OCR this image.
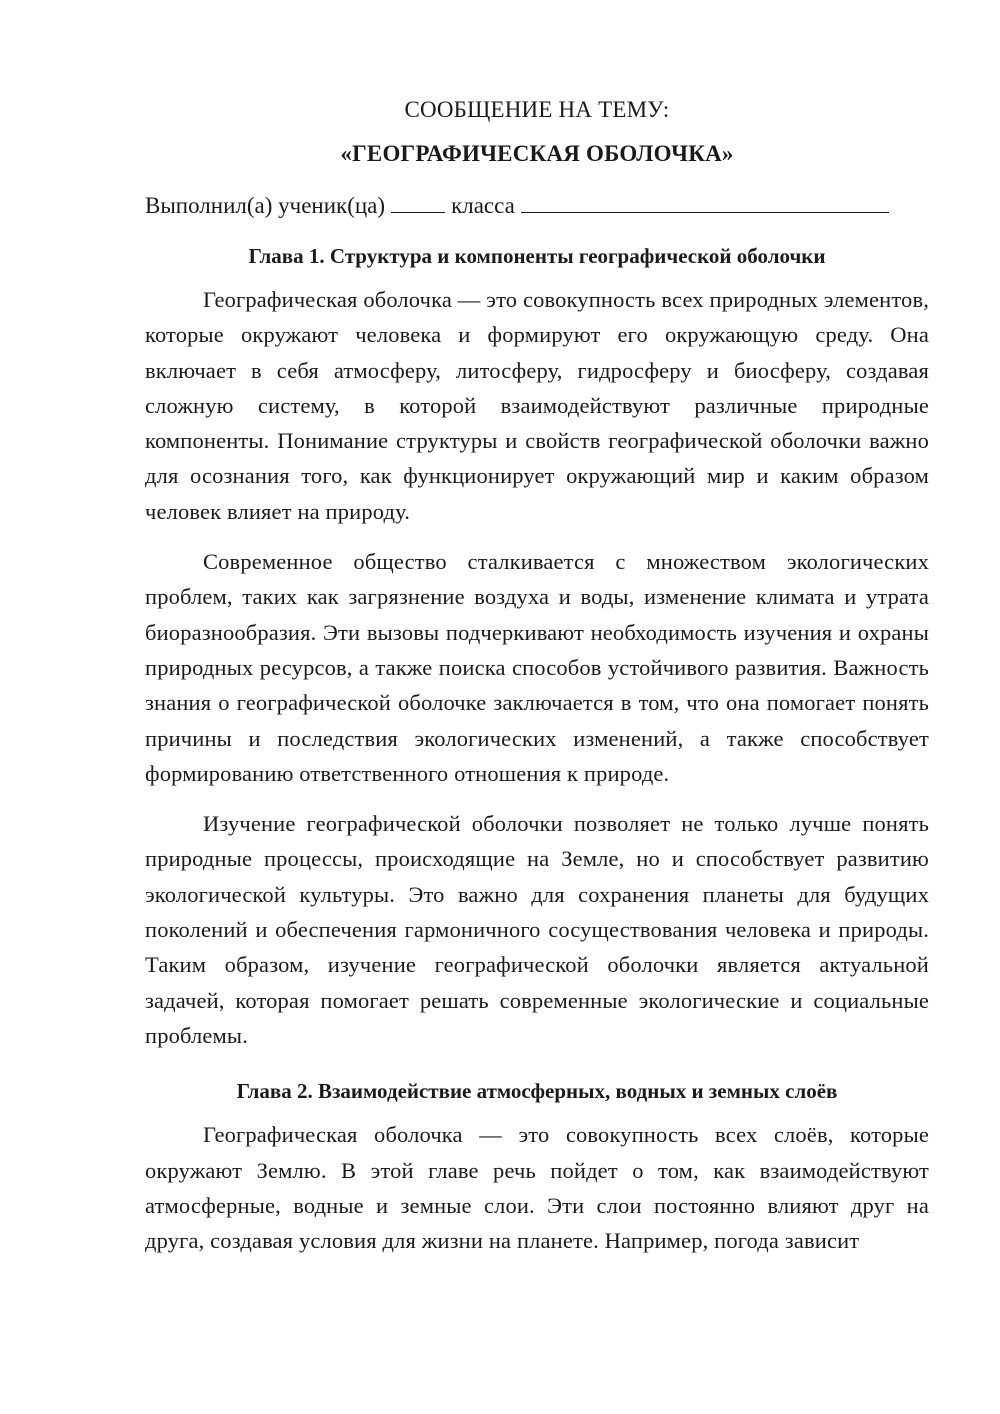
СООБЩЕНИЕ НА ТЕМУ:

«ГЕОГРАФИЧЕСКАЯ ОБОЛОЧКА»

Выполнил(а) ученик(ца)	класса

Глава 1. Структура и компоненты географической оболочки

Географическая оболочка — это совокупность всех природных элементов, которые окружают человека и формируют его окружающую среду. Она включает в себя атмосферу, литосферу, гидросферу и биосферу, создавая сложную систему, в которой взаимодействуют различные природные компоненты. Понимание структуры и свойств географической оболочки важно для осознания того, как функционирует окружающий мир и каким образом человек влияет на природу.

Современное общество сталкивается с множеством экологических проблем, таких как загрязнение воздуха и воды, изменение климата и утрата биоразнообразия. Эти вызовы подчеркивают необходимость изучения и охраны природных ресурсов, а также поиска способов устойчивого развития. Важность знания о географической оболочке заключается в том, что она помогает понять причины и последствия экологических изменений, а также способствует формированию ответственного отношения к природе.

Изучение географической оболочки позволяет не только лучше понять природные процессы, происходящие на Земле, но и способствует развитию экологической культуры. Это важно для сохранения планеты для будущих поколений и обеспечения гармоничного сосуществования человека и природы. Таким образом, изучение географической оболочки является актуальной задачей, которая помогает решать современные экологические и социальные проблемы.

Глава 2. Взаимодействие атмосферных, водных и земных слоёв

Географическая оболочка — это совокупность всех слоёв, которые окружают Землю. В этой главе речь пойдет о том, как взаимодействуют атмосферные, водные и земные слои. Эти слои постоянно влияют друг на друга, создавая условия для жизни на планете. Например, погода зависит
